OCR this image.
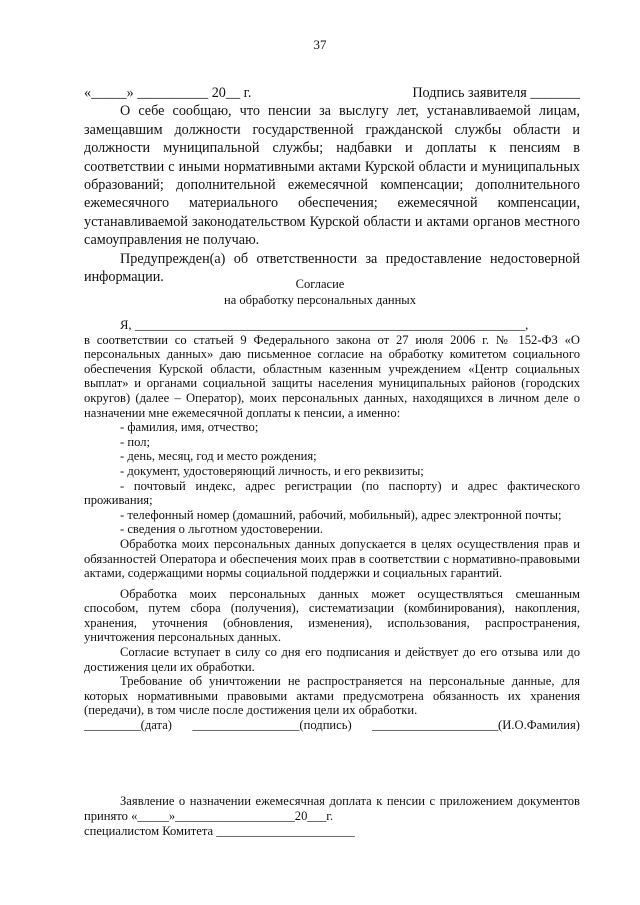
37
«_____» __________ 20__ г.	Подпись заявителя _______

О себе сообщаю, что пенсии за выслугу лет, устанавливаемой лицам, замещавшим должности государственной гражданской службы области и должности муниципальной службы; надбавки и доплаты к пенсиям в соответствии с иными нормативными актами Курской области и муниципальных образований; дополнительной ежемесячной компенсации; дополнительного ежемесячного материального обеспечения; ежемесячной компенсации, устанавливаемой законодательством Курской области и актами органов местного самоуправления не получаю.

Предупрежден(а) об ответственности за предоставление недостоверной информации.	Согласие
на обработку персональных данных

Я, ______________________________________________________________,

в соответствии со статьей 9 Федерального закона от 27 июля 2006 г. № 152-ФЗ «О персональных данных» даю письменное согласие на обработку комитетом социального обеспечения Курской области, областным казенным учреждением «Центр социальных выплат» и органами социальной защиты населения муниципальных районов (городских округов) (далее – Оператор), моих персональных данных, находящихся в личном деле о назначении мне ежемесячной доплаты к пенсии, а именно:

- фамилия, имя, отчество;

- пол;

- день, месяц, год и место рождения;

- документ, удостоверяющий личность, и его реквизиты;

- почтовый индекс, адрес регистрации (по паспорту) и адрес фактического проживания;

- телефонный номер (домашний, рабочий, мобильный), адрес электронной почты;

- сведения о льготном удостоверении.

Обработка моих персональных данных допускается в целях осуществления прав и обязанностей Оператора и обеспечения моих прав в соответствии с нормативно-правовыми актами, содержащими нормы социальной поддержки и социальных гарантий.

Обработка моих персональных данных может осуществляться смешанным способом, путем сбора (получения), систематизации (комбинирования), накопления, хранения, уточнения (обновления, изменения), использования, распространения, уничтожения персональных данных.

Согласие вступает в силу со дня его подписания и действует до его отзыва или до достижения цели их обработки.

Требование об уничтожении не распространяется на персональные данные, для которых нормативными правовыми актами предусмотрена обязанность их хранения (передачи), в том числе после достижения цели их обработки.

_________(дата) _________________(подпись) ____________________(И.О.Фамилия)

Заявление о назначении ежемесячная доплата к пенсии с приложением документов принято «_____»___________________20___г.

специалистом Комитета ______________________
